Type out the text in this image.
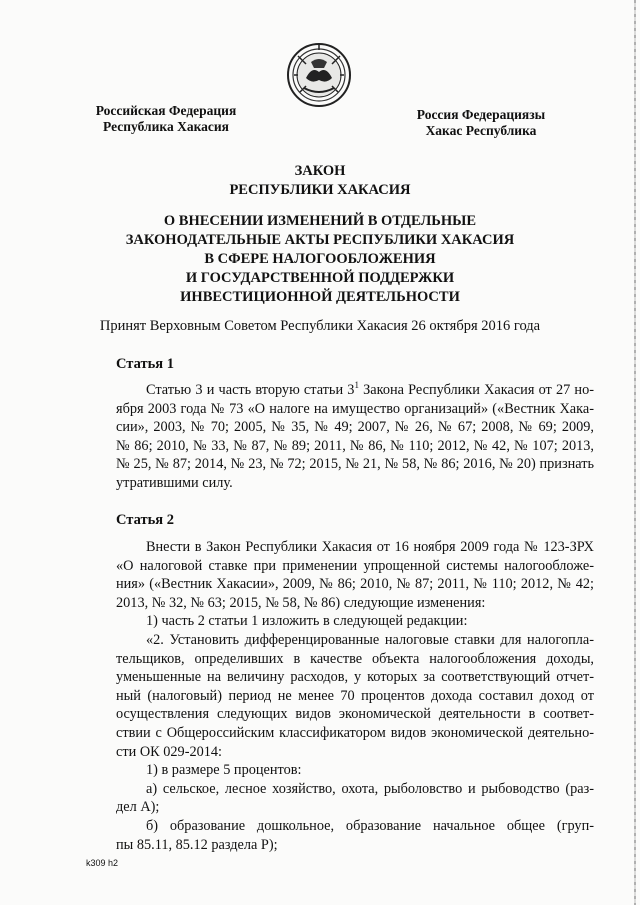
Российская Федерация
Республика Хакасия
Россия Федерациязы
Хакас Республика
ЗАКОН
РЕСПУБЛИКИ ХАКАСИЯ
О ВНЕСЕНИИ ИЗМЕНЕНИЙ В ОТДЕЛЬНЫЕ
ЗАКОНОДАТЕЛЬНЫЕ АКТЫ РЕСПУБЛИКИ ХАКАСИЯ
В СФЕРЕ НАЛОГООБЛОЖЕНИЯ
И ГОСУДАРСТВЕННОЙ ПОДДЕРЖКИ
ИНВЕСТИЦИОННОЙ ДЕЯТЕЛЬНОСТИ
Принят Верховным Советом Республики Хакасия 26 октября 2016 года
Статья 1
Статью 3 и часть вторую статьи $3^1$ Закона Республики Хакасия от 27 но-
ября 2003 года № 73 «О налоге на имущество организаций» («Вестник Хака-
сии», 2003, № 70; 2005, № 35, № 49; 2007, № 26, № 67; 2008, № 69; 2009,
№ 86; 2010, № 33, № 87, № 89; 2011, № 86, № 110; 2012, № 42, № 107; 2013,
№ 25, № 87; 2014, № 23, № 72; 2015, № 21, № 58, № 86; 2016, № 20) признать
утратившими силу.
Статья 2
Внести в Закон Республики Хакасия от 16 ноября 2009 года № 123-ЗРХ
«О налоговой ставке при применении упрощенной системы налогообложе-
ния» («Вестник Хакасии», 2009, № 86; 2010, № 87; 2011, № 110; 2012, № 42;
2013, № 32, № 63; 2015, № 58, № 86) следующие изменения:
1) часть 2 статьи 1 изложить в следующей редакции:
«2. Установить дифференцированные налоговые ставки для налогопла-
тельщиков, определивших в качестве объекта налогообложения доходы,
уменьшенные на величину расходов, у которых за соответствующий отчет-
ный (налоговый) период не менее 70 процентов дохода составил доход от
осуществления следующих видов экономической деятельности в соответ-
ствии с Общероссийским классификатором видов экономической деятельно-
сти ОК 029-2014:
1) в размере 5 процентов:
а) сельское, лесное хозяйство, охота, рыболовство и рыбоводство (раз-
дел А);
б) образование дошкольное, образование начальное общее (груп-
пы 85.11, 85.12 раздела Р);
k309 h2
